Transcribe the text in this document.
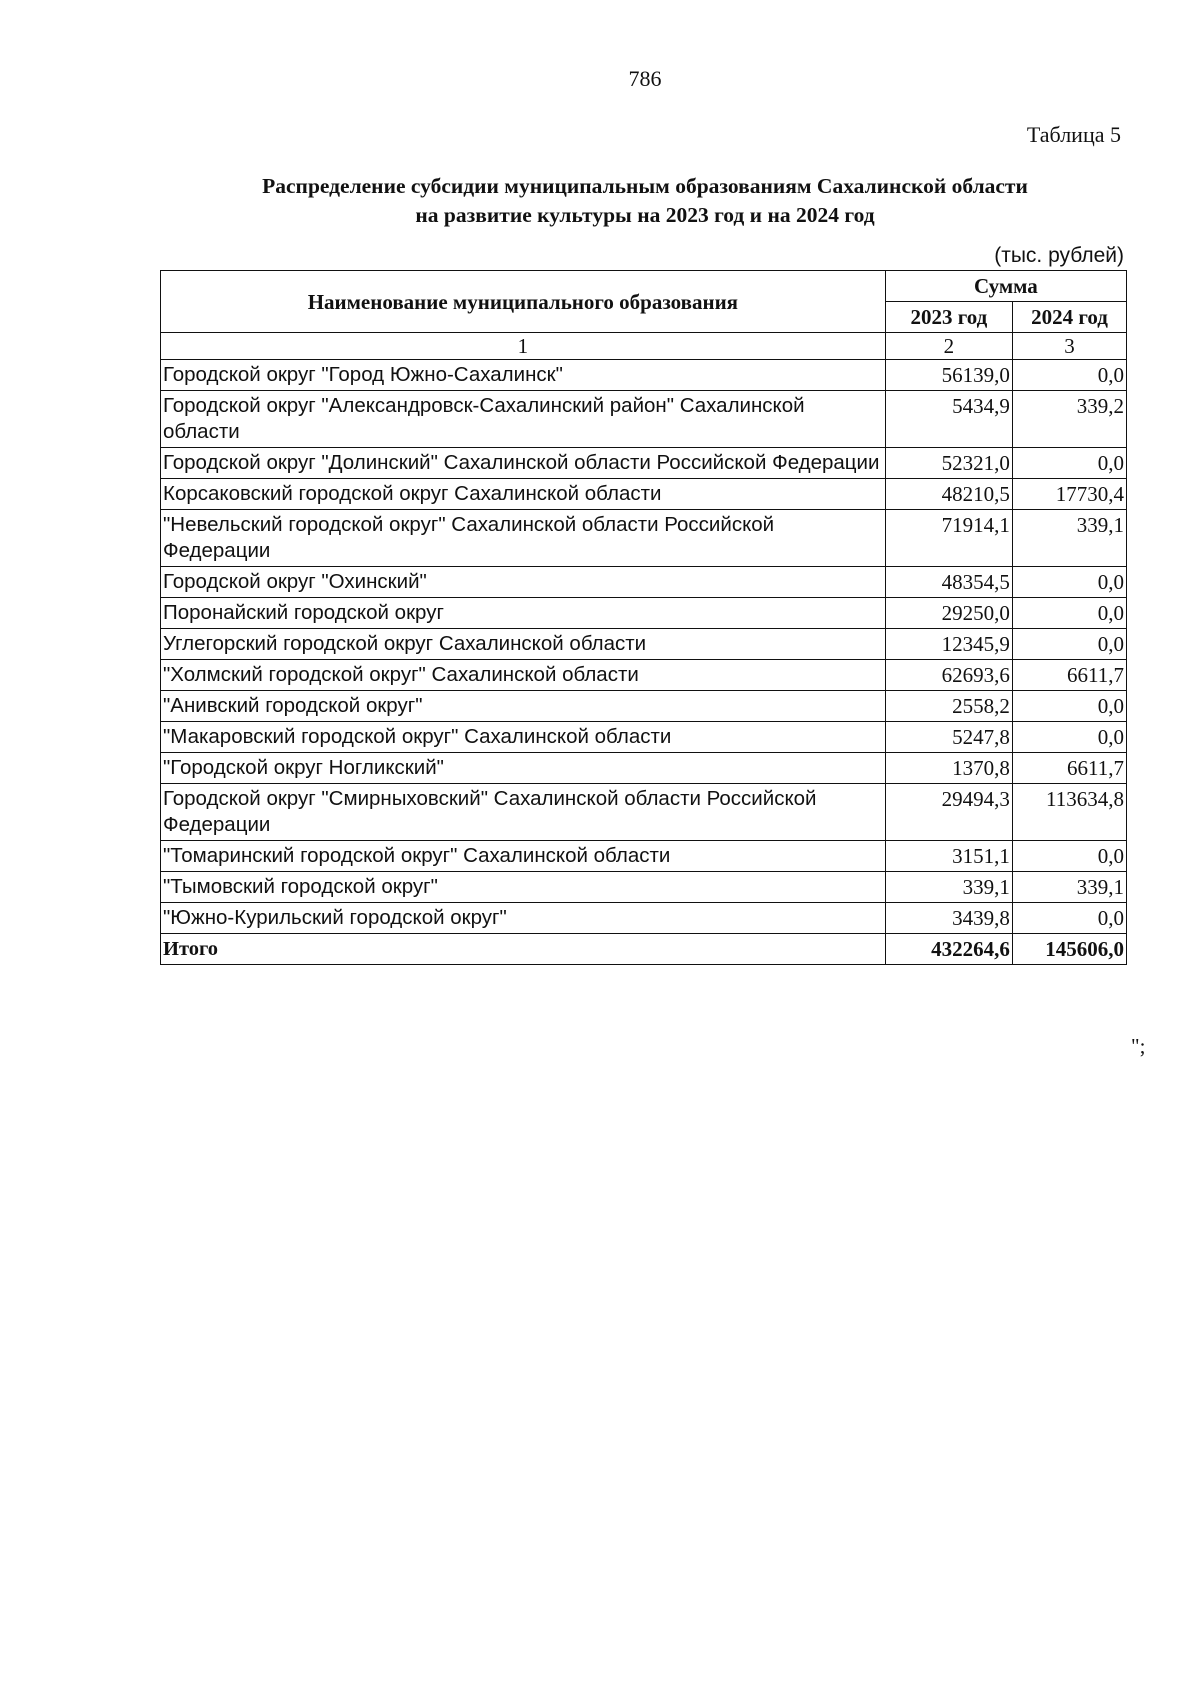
786
Таблица 5
Распределение субсидии муниципальным образованиям Сахалинской области
на развитие культуры на 2023 год и на 2024 год
(тыс. рублей)
Наименование муниципального образования	Сумма	
	2023 год	2024 год
1	2	3
Городской округ "Город Южно-Сахалинск"	56139,0	0,0
Городской округ "Александровск-Сахалинский район" Сахалинской области	5434,9	339,2
Городской округ "Долинский" Сахалинской области Российской Федерации	52321,0	0,0
Корсаковский городской округ Сахалинской области	48210,5	17730,4
"Невельский городской округ" Сахалинской области Российской Федерации	71914,1	339,1
Городской округ "Охинский"	48354,5	0,0
Поронайский городской округ	29250,0	0,0
Углегорский городской округ Сахалинской области	12345,9	0,0
"Холмский городской округ" Сахалинской области	62693,6	6611,7
"Анивский городской округ"	2558,2	0,0
"Макаровский городской округ" Сахалинской области	5247,8	0,0
"Городской округ Ногликский"	1370,8	6611,7
Городской округ "Смирныховский" Сахалинской области Российской Федерации	29494,3	113634,8
"Томаринский городской округ" Сахалинской области	3151,1	0,0
"Тымовский городской округ"	339,1	339,1
"Южно-Курильский городской округ"	3439,8	0,0
Итого	432264,6	145606,0
";
